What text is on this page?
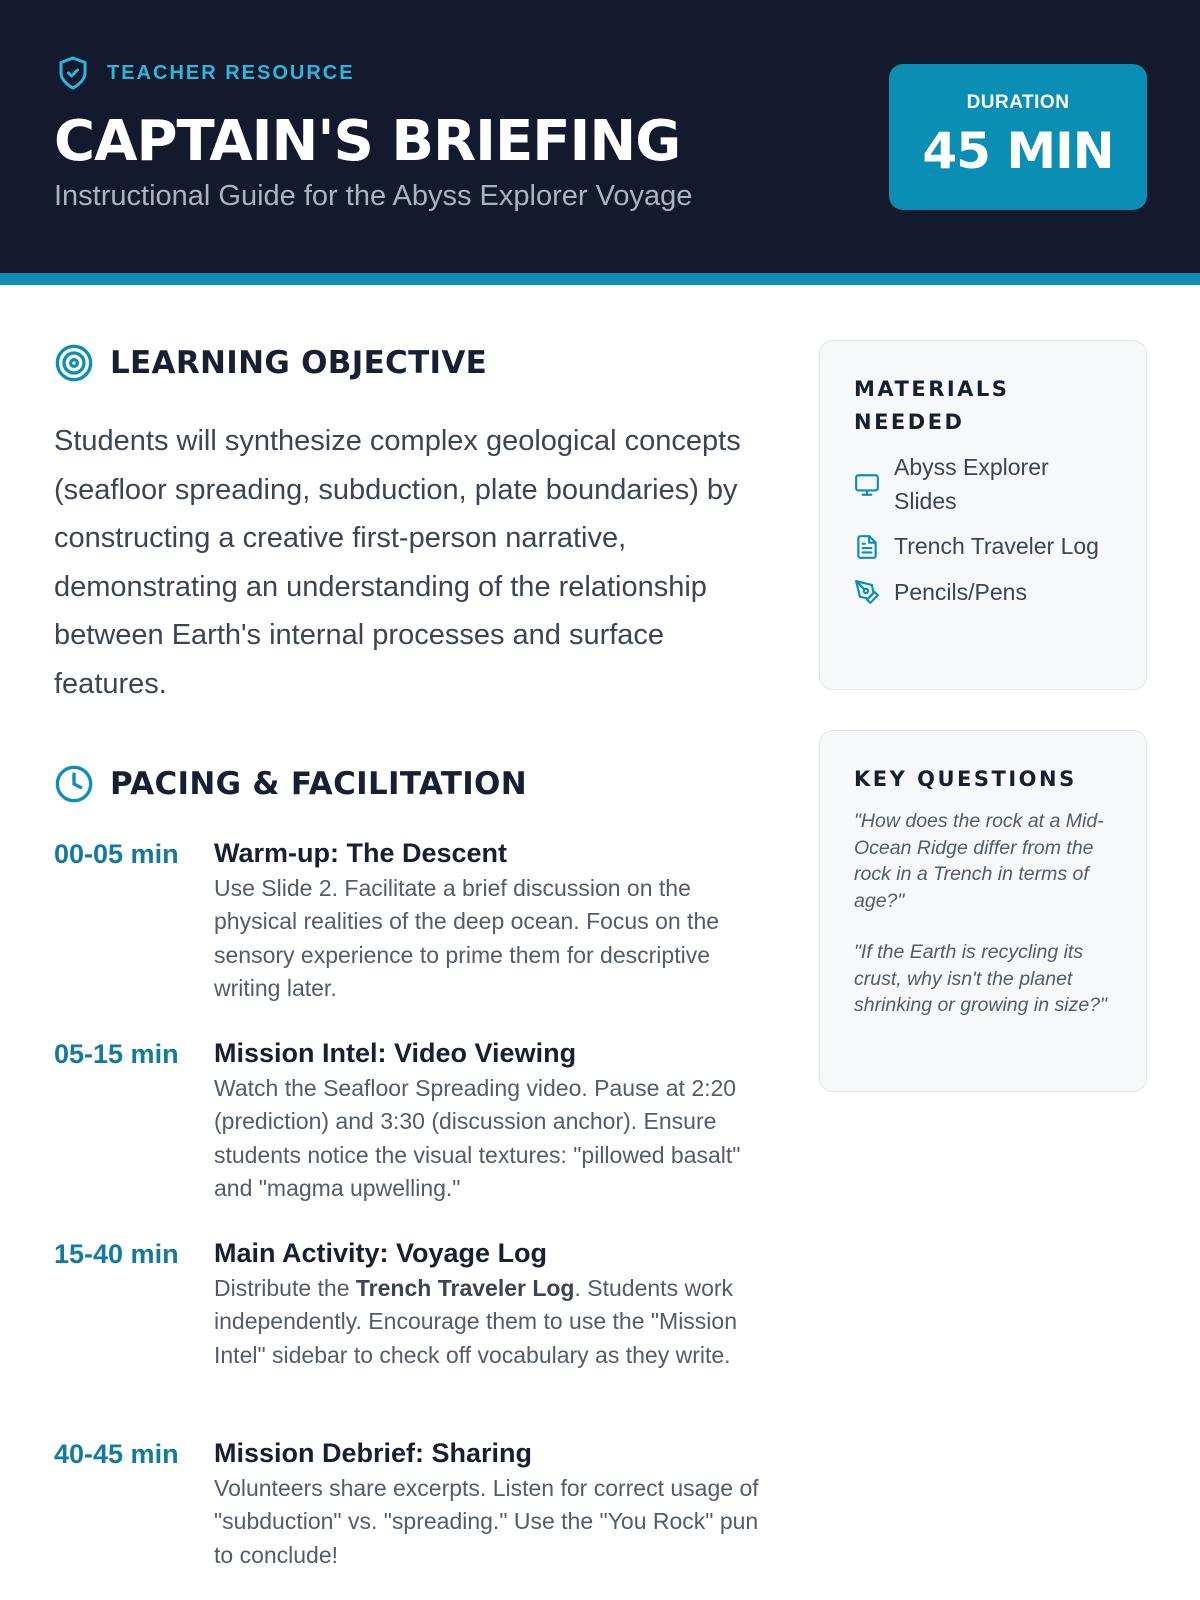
TEACHER RESOURCE
CAPTAIN'S BRIEFING
Instructional Guide for the Abyss Explorer Voyage
DURATION
45 MIN
LEARNING OBJECTIVE

Students will synthesize complex geological concepts (seafloor spreading, subduction, plate boundaries) by constructing a creative first-person narrative, demonstrating an understanding of the relationship between Earth's internal processes and surface features.

PACING & FACILITATION
00-05 min	Warm-up: The Descent
Use Slide 2. Facilitate a brief discussion on the physical realities of the deep ocean. Focus on the sensory experience to prime them for descriptive writing later.
05-15 min	Mission Intel: Video Viewing
Watch the Seafloor Spreading video. Pause at 2:20 (prediction) and 3:30 (discussion anchor). Ensure students notice the visual textures: "pillowed basalt" and "magma upwelling."
15-40 min	Main Activity: Voyage Log
Distribute the Trench Traveler Log. Students work independently. Encourage them to use the "Mission Intel" sidebar to check off vocabulary as they write.
40-45 min	Mission Debrief: Sharing
Volunteers share excerpts. Listen for correct usage of "subduction" vs. "spreading." Use the "You Rock" pun to conclude!
MATERIALS NEEDED
Abyss Explorer Slides
Trench Traveler Log
Pencils/Pens
KEY QUESTIONS

"How does the rock at a Mid-Ocean Ridge differ from the rock in a Trench in terms of age?"

"If the Earth is recycling its crust, why isn't the planet shrinking or growing in size?"
